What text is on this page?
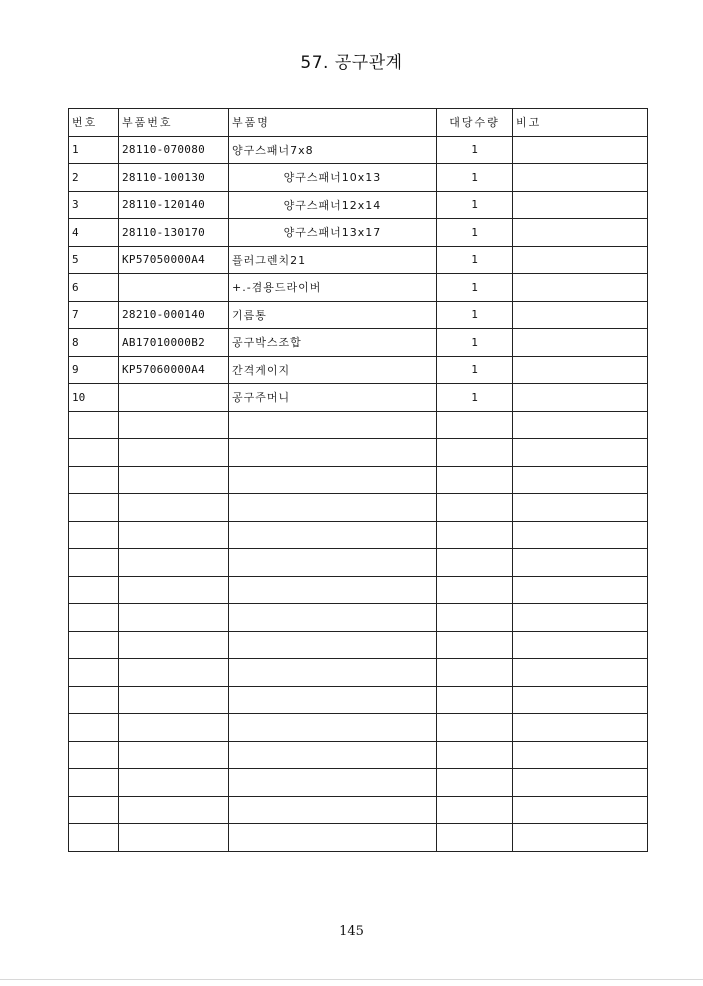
57. 공구관계
번호	부품번호	부품명	대당수량	비고
1	28110-070080	양구스패너7x8	1	
2	28110-100130	양구스패너10x13	1	
3	28110-120140	양구스패너12x14	1	
4	28110-130170	양구스패너13x17	1	
5	KP57050000A4	플러그렌치21	1	
6		+.-겸용드라이버	1	
7	28210-000140	기름통	1	
8	AB17010000B2	공구박스조합	1	
9	KP57060000A4	간격게이지	1	
10		공구주머니	1	

145
